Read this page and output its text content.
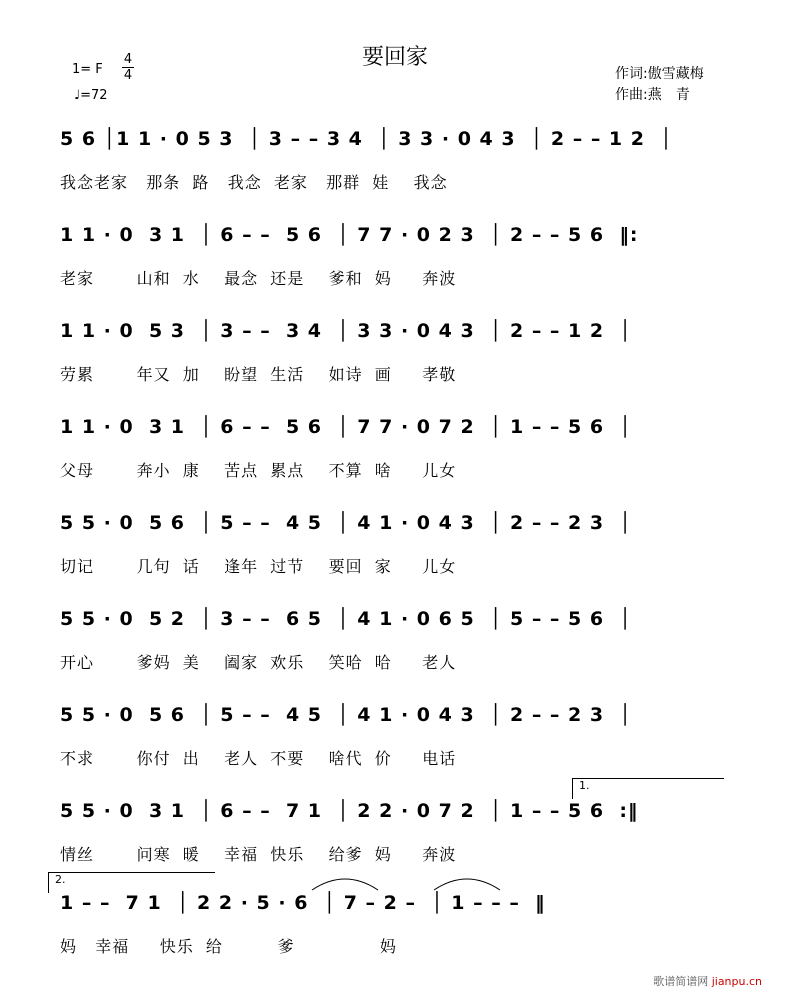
要回家
1= F
4
4
♩=72
作词:傲雪藏梅
作曲:燕　青
5 6 │1 1 · 0 5 3  │ 3 – – 3 4  │ 3 3 · 0 4 3  │ 2 – – 1 2  │
我念老家   那条  路   我念  老家   那群  娃    我念
1 1 · 0  3 1  │ 6 – –  5 6  │ 7 7 · 0 2 3  │ 2 – – 5 6  ‖:
老家       山和  水    最念  还是    爹和  妈     奔波
1 1 · 0  5 3  │ 3 – –  3 4  │ 3 3 · 0 4 3  │ 2 – – 1 2  │
劳累       年又  加    盼望  生活    如诗  画     孝敬
1 1 · 0  3 1  │ 6 – –  5 6  │ 7 7 · 0 7 2  │ 1 – – 5 6  │
父母       奔小  康    苦点  累点    不算  啥     儿女
5 5 · 0  5 6  │ 5 – –  4 5  │ 4 1 · 0 4 3  │ 2 – – 2 3  │
切记       几句  话    逢年  过节    要回  家     儿女
5 5 · 0  5 2  │ 3 – –  6 5  │ 4 1 · 0 6 5  │ 5 – – 5 6  │
开心       爹妈  美    阖家  欢乐    笑哈  哈     老人
5 5 · 0  5 6  │ 5 – –  4 5  │ 4 1 · 0 4 3  │ 2 – – 2 3  │
不求       你付  出    老人  不要    啥代  价     电话
5 5 · 0  3 1  │ 6 – –  7 1  │ 2 2 · 0 7 2  │ 1 – – 5 6  :‖
情丝       问寒  暖    幸福  快乐    给爹  妈     奔波
1 – –  7 1  │ 2 2 · 5 · 6  │ 7 – 2 –  │ 1 – – –  ‖
妈   幸福     快乐  给         爹              妈
1.
2.
歌谱简谱网 jianpu.cn
